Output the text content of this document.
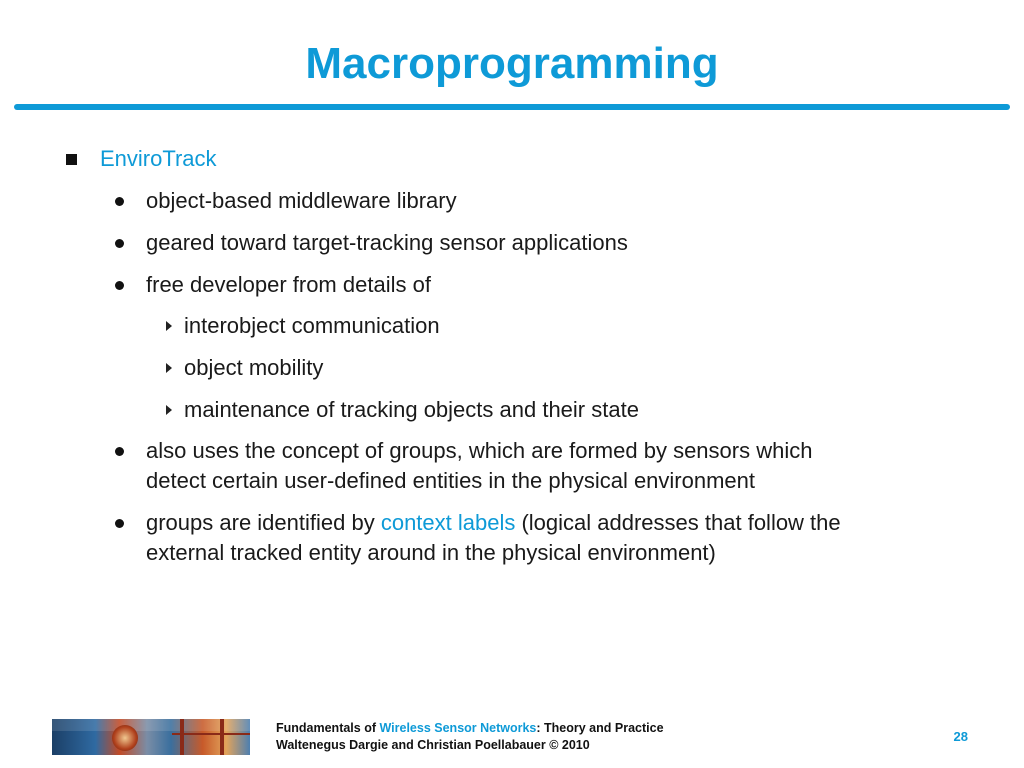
Macroprogramming
EnviroTrack
object-based middleware library
geared toward target-tracking sensor applications
free developer from details of
interobject communication
object mobility
maintenance of tracking objects and their state
also uses the concept of groups, which are formed by sensors which
detect certain user-defined entities in the physical environment
groups are identified by context labels (logical addresses that follow the
external tracked entity around in the physical environment)
Fundamentals of Wireless Sensor Networks: Theory and Practice
Waltenegus Dargie and Christian Poellabauer © 2010
28
